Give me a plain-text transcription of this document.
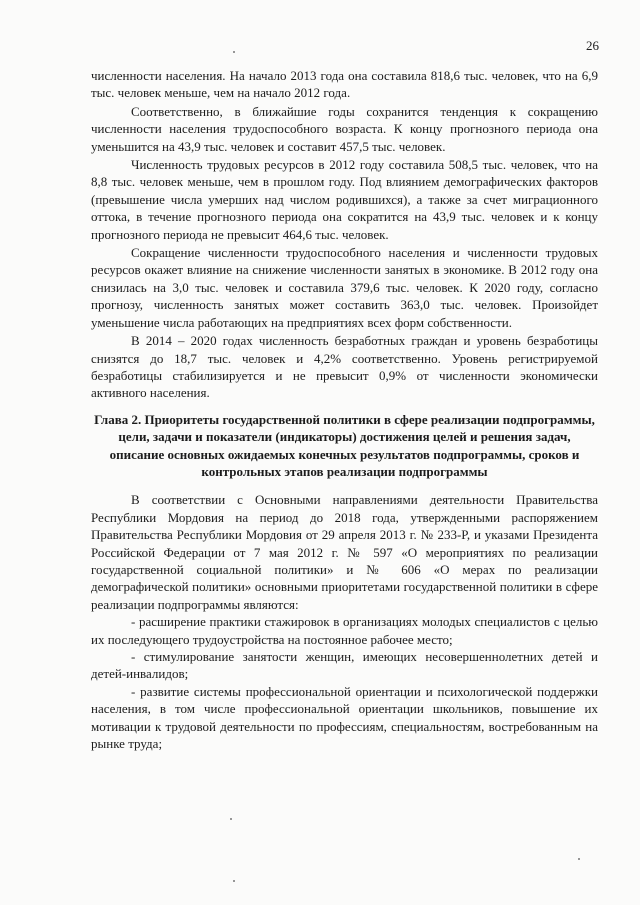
26

численности населения. На начало 2013 года она составила 818,6 тыс. человек, что на 6,9 тыс. человек меньше, чем на начало 2012 года.

Соответственно, в ближайшие годы сохранится тенденция к сокращению численности населения трудоспособного возраста. К концу прогнозного периода она уменьшится на 43,9 тыс. человек и составит 457,5 тыс. человек.

Численность трудовых ресурсов в 2012 году составила 508,5 тыс. человек, что на 8,8 тыс. человек меньше, чем в прошлом году. Под влиянием демографических факторов (превышение числа умерших над числом родившихся), а также за счет миграционного оттока, в течение прогнозного периода она сократится на 43,9 тыс. человек и к концу прогнозного периода не превысит 464,6 тыс. человек.

Сокращение численности трудоспособного населения и численности трудовых ресурсов окажет влияние на снижение численности занятых в экономике. В 2012 году она снизилась на 3,0 тыс. человек и составила 379,6 тыс. человек. К 2020 году, согласно прогнозу, численность занятых может составить 363,0 тыс. человек. Произойдет уменьшение числа работающих на предприятиях всех форм собственности.

В 2014 – 2020 годах численность безработных граждан и уровень безработицы снизятся до 18,7 тыс. человек и 4,2% соответственно. Уровень регистрируемой безработицы стабилизируется и не превысит 0,9% от численности экономически активного населения.

Глава 2. Приоритеты государственной политики в сфере реализации подпрограммы, цели, задачи и показатели (индикаторы) достижения целей и решения задач, описание основных ожидаемых конечных результатов подпрограммы, сроков и контрольных этапов реализации подпрограммы

В соответствии с Основными направлениями деятельности Правительства Республики Мордовия на период до 2018 года, утвержденными распоряжением Правительства Республики Мордовия от 29 апреля 2013 г. № 233-Р, и указами Президента Российской Федерации от 7 мая 2012 г. № 597 «О мероприятиях по реализации государственной социальной политики» и № 606 «О мерах по реализации демографической политики» основными приоритетами государственной политики в сфере реализации подпрограммы являются:

- расширение практики стажировок в организациях молодых специалистов с целью их последующего трудоустройства на постоянное рабочее место;

- стимулирование занятости женщин, имеющих несовершеннолетних детей и детей-инвалидов;

- развитие системы профессиональной ориентации и психологической поддержки населения, в том числе профессиональной ориентации школьников, повышение их мотивации к трудовой деятельности по профессиям, специальностям, востребованным на рынке труда;
